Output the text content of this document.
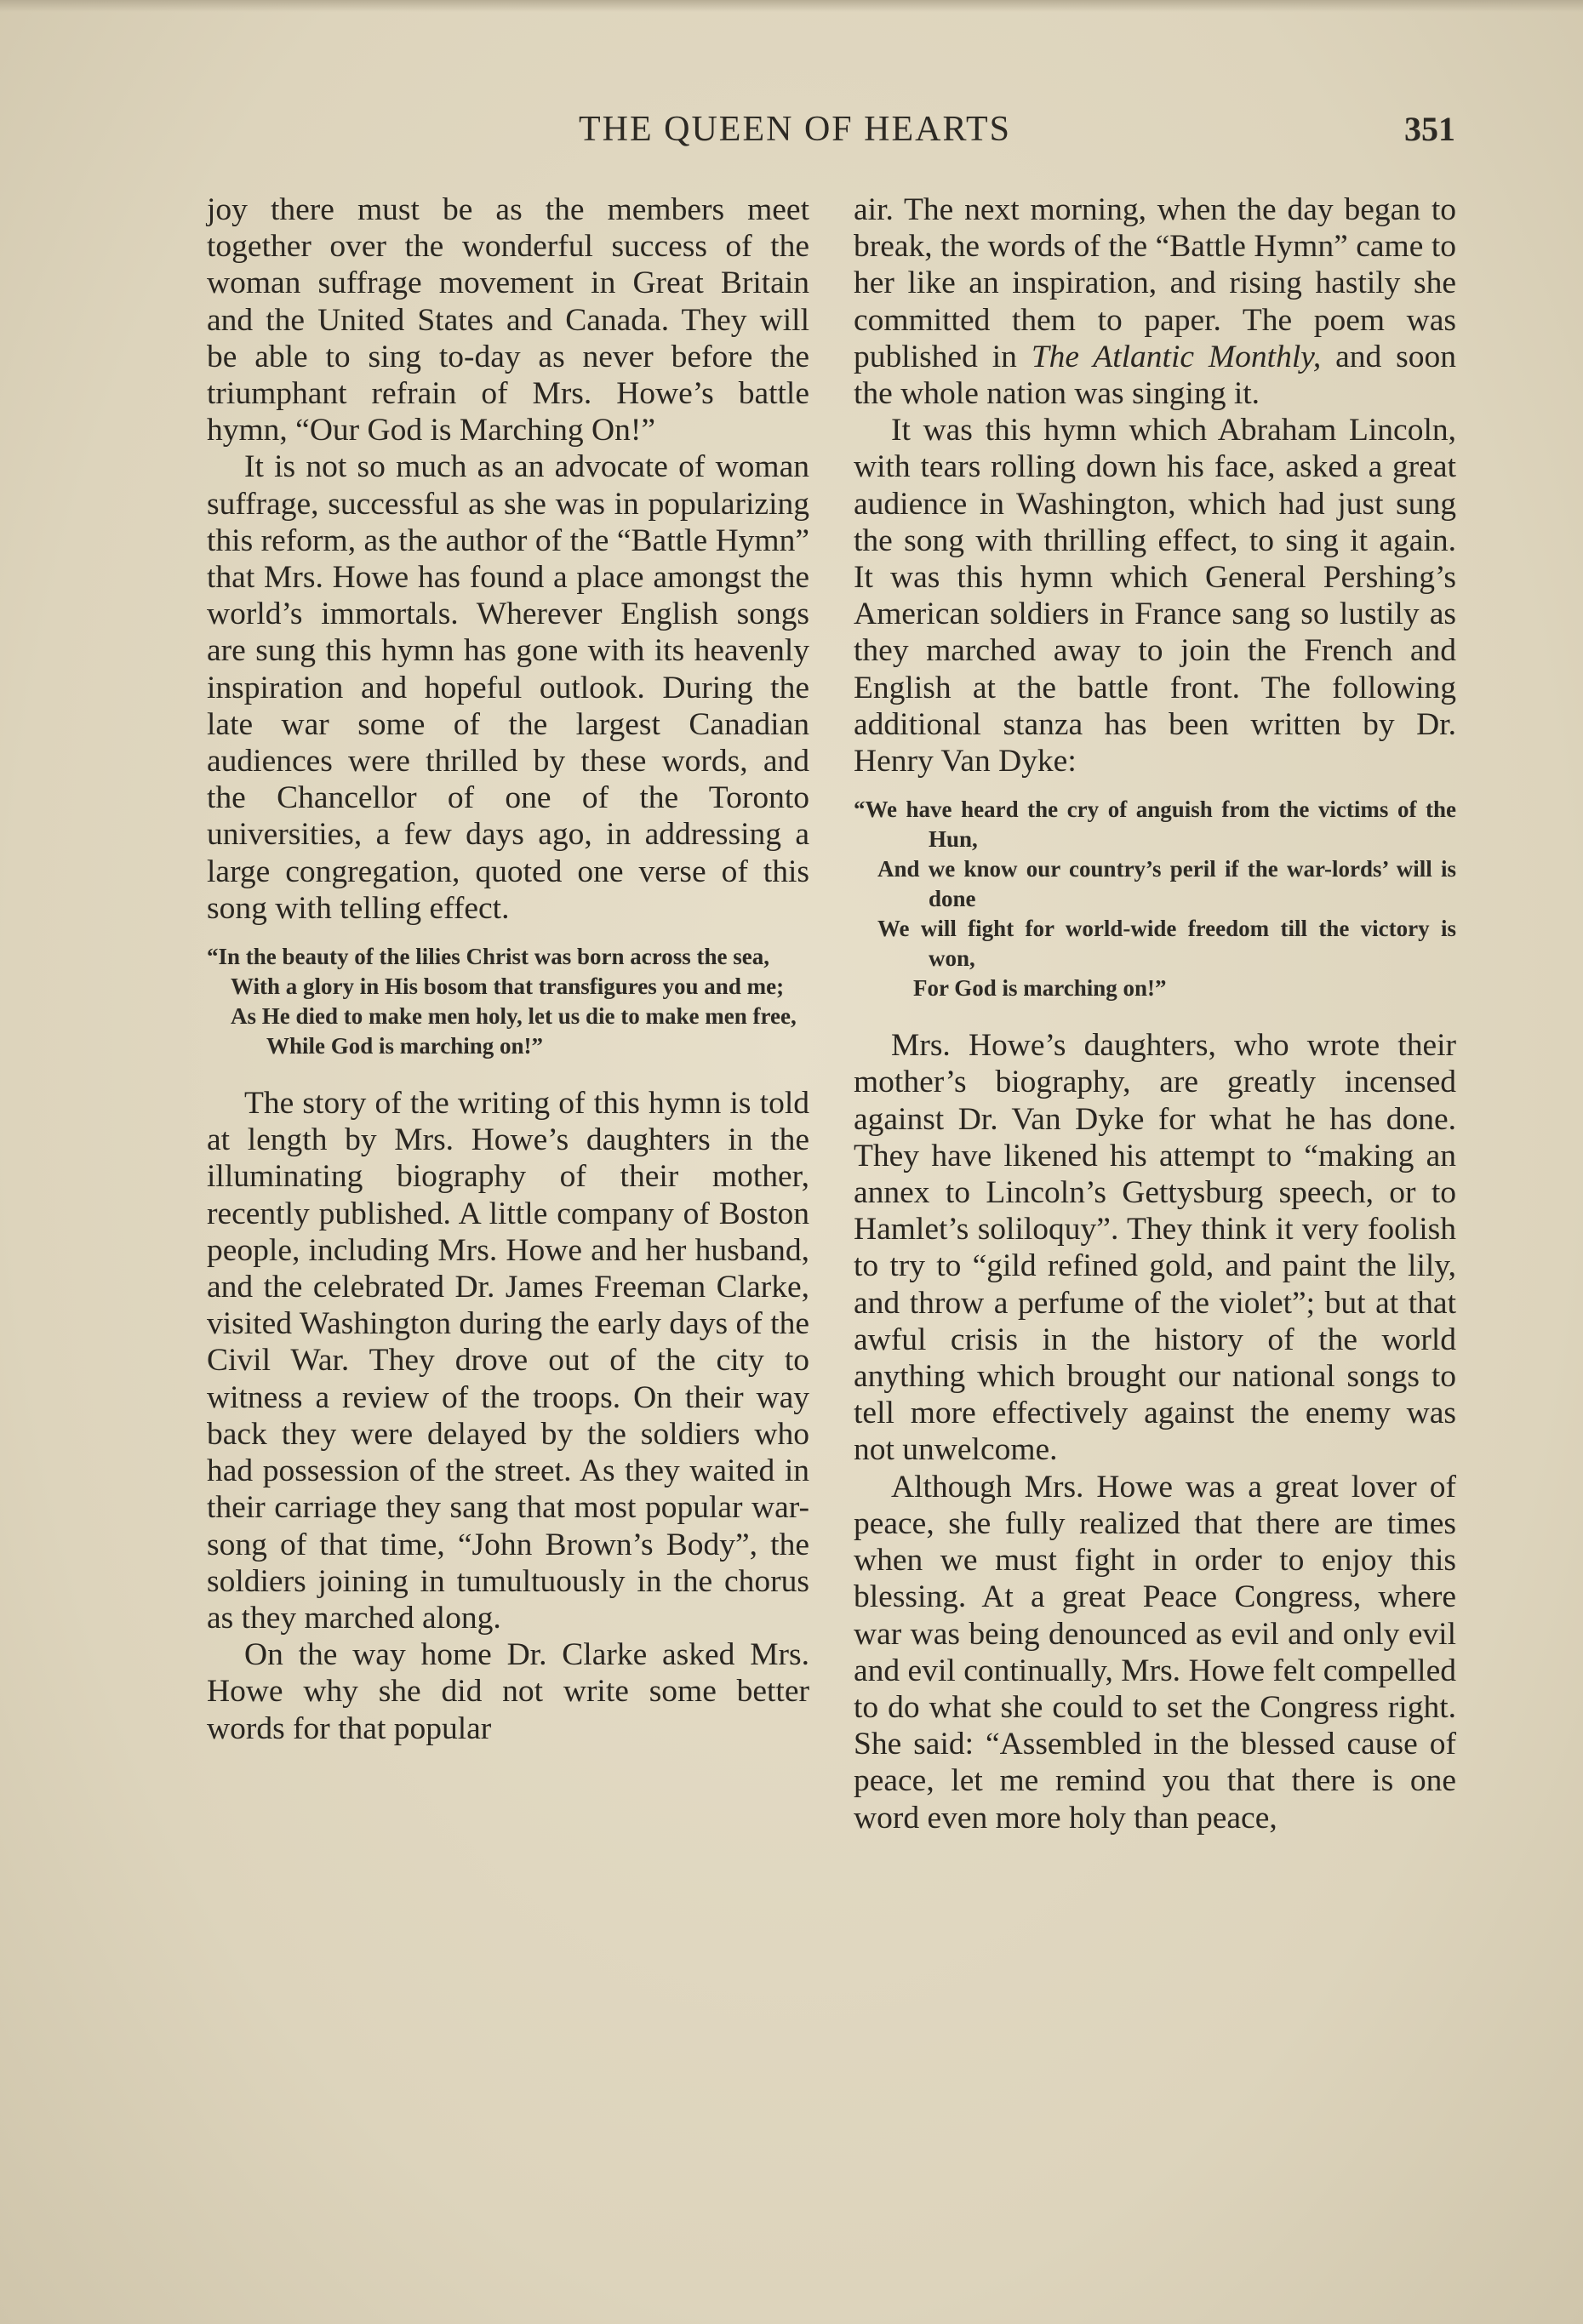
THE QUEEN OF HEARTS	351

joy there must be as the members meet together over the wonderful success of the woman suffrage movement in Great Britain and the United States and Canada. They will be able to sing to-day as never before the triumphant refrain of Mrs. Howe’s battle hymn, “Our God is Marching On!”

It is not so much as an advocate of woman suffrage, successful as she was in popularizing this reform, as the author of the “Battle Hymn” that Mrs. Howe has found a place amongst the world’s immortals. Wherever English songs are sung this hymn has gone with its heavenly inspiration and hopeful outlook. During the late war some of the largest Canadian audiences were thrilled by these words, and the Chancellor of one of the Toronto universities, a few days ago, in addressing a large congregation, quoted one verse of this song with telling effect.

“In the beauty of the lilies Christ was born across the sea,
With a glory in His bosom that transfigures you and me;
As He died to make men holy, let us die to make men free,
While God is marching on!”

The story of the writing of this hymn is told at length by Mrs. Howe’s daughters in the illuminating biography of their mother, recently published. A little company of Boston people, including Mrs. Howe and her husband, and the celebrated Dr. James Freeman Clarke, visited Washington during the early days of the Civil War. They drove out of the city to witness a review of the troops. On their way back they were delayed by the soldiers who had possession of the street. As they waited in their carriage they sang that most popular war-song of that time, “John Brown’s Body”, the soldiers joining in tumultuously in the chorus as they marched along.

On the way home Dr. Clarke asked Mrs. Howe why she did not write some better words for that popular

air. The next morning, when the day began to break, the words of the “Battle Hymn” came to her like an inspiration, and rising hastily she committed them to paper. The poem was published in The Atlantic Monthly, and soon the whole nation was singing it.

It was this hymn which Abraham Lincoln, with tears rolling down his face, asked a great audience in Washington, which had just sung the song with thrilling effect, to sing it again. It was this hymn which General Pershing’s American soldiers in France sang so lustily as they marched away to join the French and English at the battle front. The following additional stanza has been written by Dr. Henry Van Dyke:

“We have heard the cry of anguish from the victims of the Hun,
And we know our country’s peril if the war-lords’ will is done
We will fight for world-wide freedom till the victory is won,
For God is marching on!”

Mrs. Howe’s daughters, who wrote their mother’s biography, are greatly incensed against Dr. Van Dyke for what he has done. They have likened his attempt to “making an annex to Lincoln’s Gettysburg speech, or to Hamlet’s soliloquy”. They think it very foolish to try to “gild refined gold, and paint the lily, and throw a perfume of the violet”; but at that awful crisis in the history of the world anything which brought our national songs to tell more effectively against the enemy was not unwelcome.

Although Mrs. Howe was a great lover of peace, she fully realized that there are times when we must fight in order to enjoy this blessing. At a great Peace Congress, where war was being denounced as evil and only evil and evil continually, Mrs. Howe felt compelled to do what she could to set the Congress right. She said: “Assembled in the blessed cause of peace, let me remind you that there is one word even more holy than peace,
